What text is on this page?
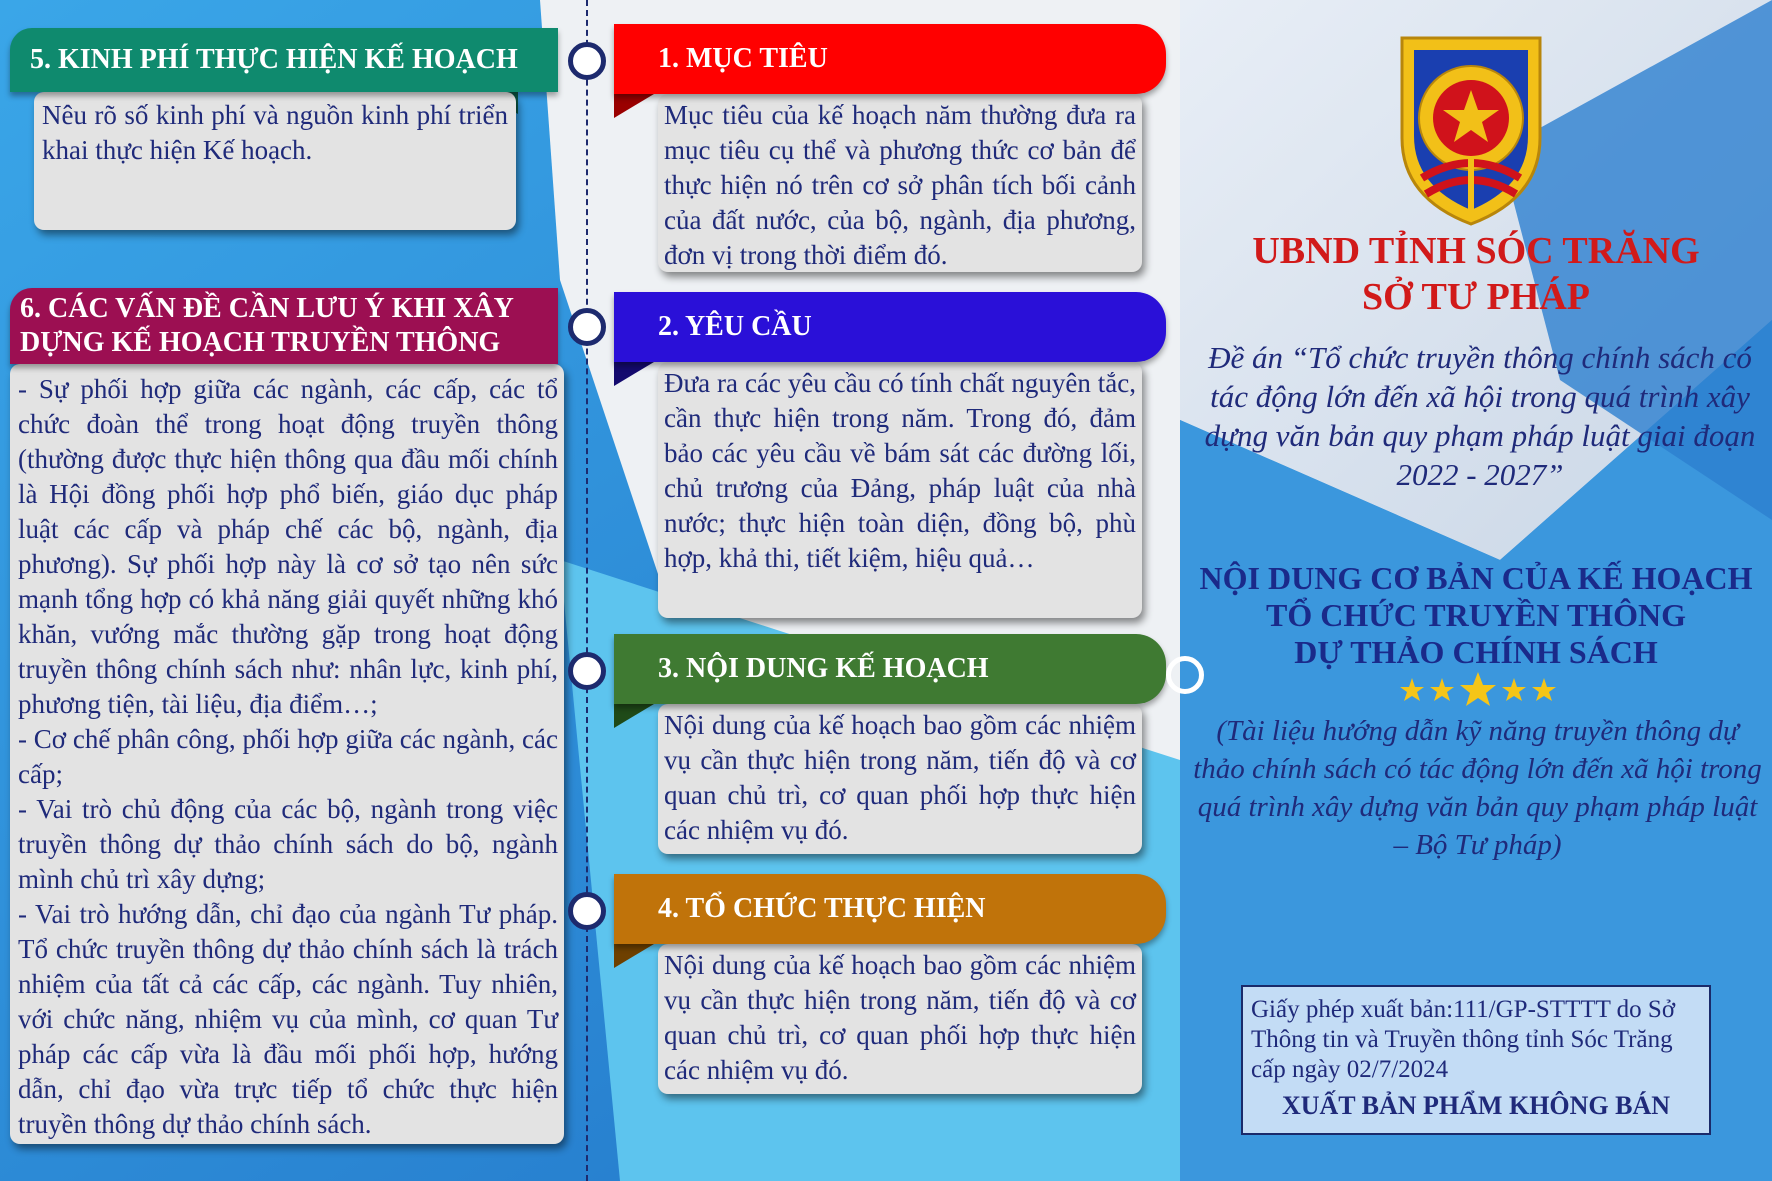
5. KINH PHÍ THỰC HIỆN KẾ HOẠCH

Nêu rõ số kinh phí và nguồn kinh phí triển khai thực hiện Kế hoạch.

6. CÁC VẤN ĐỀ CẦN LƯU Ý KHI XÂY
DỰNG KẾ HOẠCH TRUYỀN THÔNG

- Sự phối hợp giữa các ngành, các cấp, các tổ chức đoàn thể trong hoạt động truyền thông (thường được thực hiện thông qua đầu mối chính là Hội đồng phối hợp phổ biến, giáo dục pháp luật các cấp và pháp chế các bộ, ngành, địa phương). Sự phối hợp này là cơ sở tạo nên sức mạnh tổng hợp có khả năng giải quyết những khó khăn, vướng mắc thường gặp trong hoạt động truyền thông chính sách như: nhân lực, kinh phí, phương tiện, tài liệu, địa điểm…;

- Cơ chế phân công, phối hợp giữa các ngành, các cấp;

- Vai trò chủ động của các bộ, ngành trong việc truyền thông dự thảo chính sách do bộ, ngành mình chủ trì xây dựng;

- Vai trò hướng dẫn, chỉ đạo của ngành Tư pháp. Tổ chức truyền thông dự thảo chính sách là trách nhiệm của tất cả các cấp, các ngành. Tuy nhiên, với chức năng, nhiệm vụ của mình, cơ quan Tư pháp các cấp vừa là đầu mối phối hợp, hướng dẫn, chỉ đạo vừa trực tiếp tổ chức thực hiện truyền thông dự thảo chính sách.

1. MỤC TIÊU

Mục tiêu của kế hoạch năm thường đưa ra mục tiêu cụ thể và phương thức cơ bản để thực hiện nó trên cơ sở phân tích bối cảnh của đất nước, của bộ, ngành, địa phương, đơn vị trong thời điểm đó.

2. YÊU CẦU

Đưa ra các yêu cầu có tính chất nguyên tắc, cần thực hiện trong năm. Trong đó, đảm bảo các yêu cầu về bám sát các đường lối, chủ trương của Đảng, pháp luật của nhà nước; thực hiện toàn diện, đồng bộ, phù hợp, khả thi, tiết kiệm, hiệu quả…

3. NỘI DUNG KẾ HOẠCH

Nội dung của kế hoạch bao gồm các nhiệm vụ cần thực hiện trong năm, tiến độ và cơ quan chủ trì, cơ quan phối hợp thực hiện các nhiệm vụ đó.

4. TỔ CHỨC THỰC HIỆN

Nội dung của kế hoạch bao gồm các nhiệm vụ cần thực hiện trong năm, tiến độ và cơ quan chủ trì, cơ quan phối hợp thực hiện các nhiệm vụ đó.

UBND TỈNH SÓC TRĂNG
SỞ TƯ PHÁP
Đề án “Tổ chức truyền thông chính sách có tác động lớn đến xã hội trong quá trình xây dựng văn bản quy phạm pháp luật giai đoạn 2022 - 2027”
NỘI DUNG CƠ BẢN CỦA KẾ HOẠCH
TỔ CHỨC TRUYỀN THÔNG
DỰ THẢO CHÍNH SÁCH
(Tài liệu hướng dẫn kỹ năng truyền thông dự thảo chính sách có tác động lớn đến xã hội trong quá trình xây dựng văn bản quy phạm pháp luật – Bộ Tư pháp)
Giấy phép xuất bản:111/GP-STTTT do Sở Thông tin và Truyền thông tỉnh Sóc Trăng cấp ngày 02/7/2024
XUẤT BẢN PHẨM KHÔNG BÁN
